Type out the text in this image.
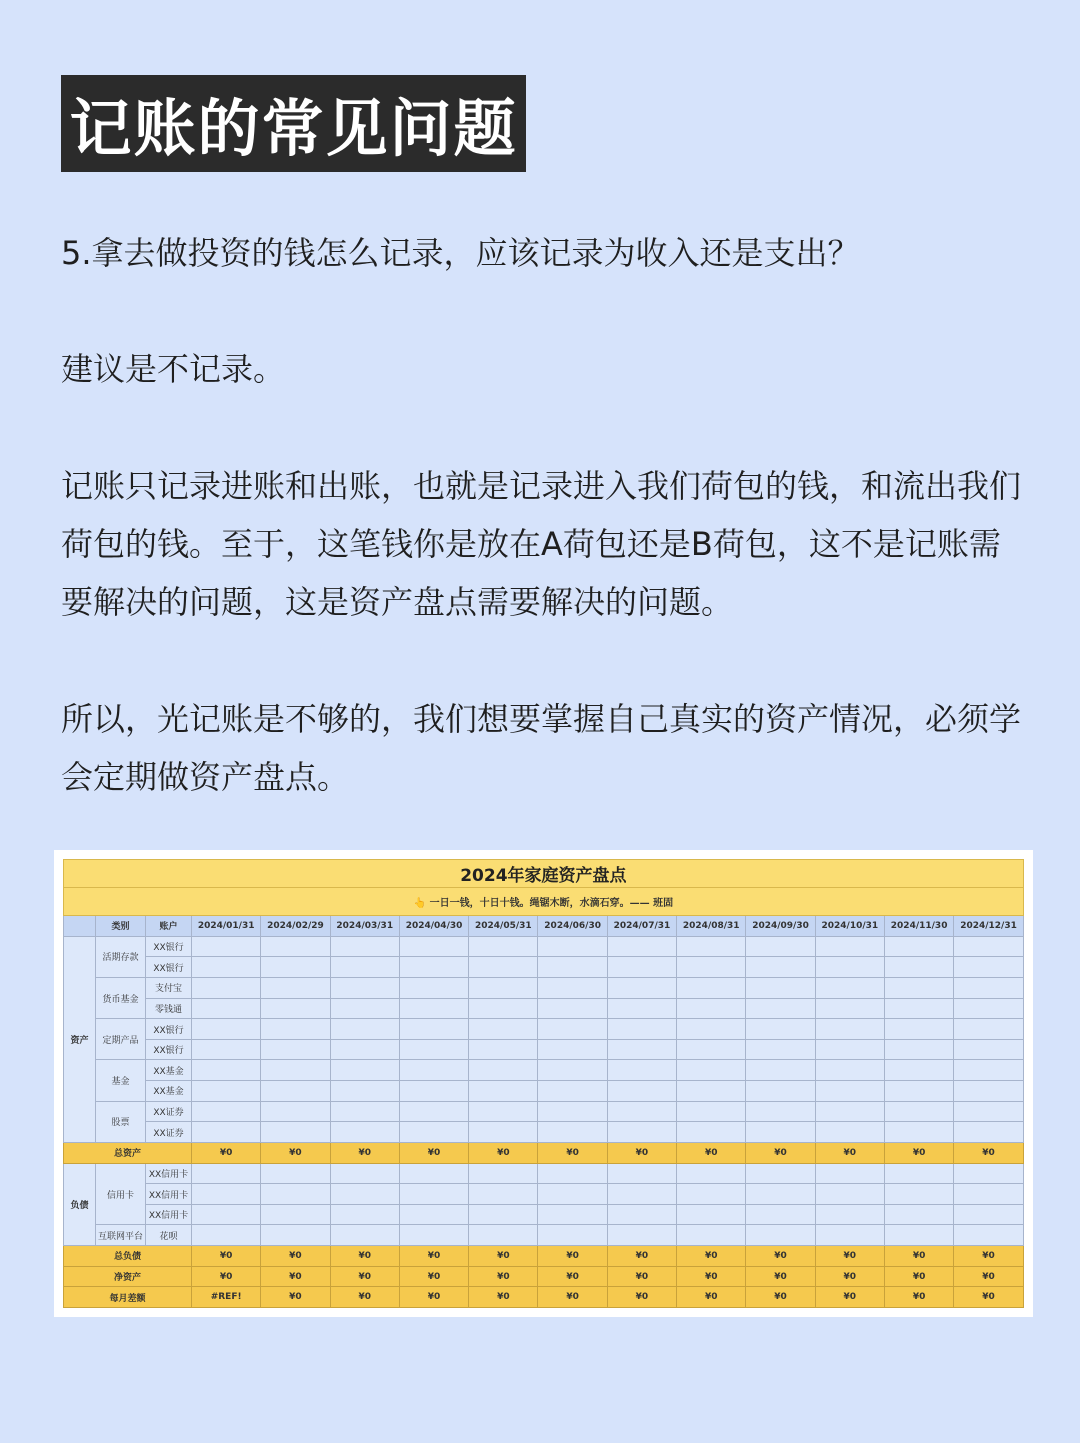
记账的常见问题

5.拿去做投资的钱怎么记录，应该记录为收入还是支出？

建议是不记录。

记账只记录进账和出账，也就是记录进入我们荷包的钱，和流出我们荷包的钱。至于，这笔钱你是放在A荷包还是B荷包，这不是记账需要解决的问题，这是资产盘点需要解决的问题。

所以，光记账是不够的，我们想要掌握自己真实的资产情况，必须学会定期做资产盘点。

2024年家庭资产盘点														
👆 一日一钱，十日十钱。绳锯木断，水滴石穿。—— 班固														
	类别	账户	2024/01/31	2024/02/29	2024/03/31	2024/04/30	2024/05/31	2024/06/30	2024/07/31	2024/08/31	2024/09/30	2024/10/31	2024/11/30	2024/12/31
资产	活期存款	XX银行												
		XX银行												
	货币基金	支付宝												
		零钱通												
	定期产品	XX银行												
		XX银行												
	基金	XX基金												
		XX基金												
	股票	XX证券												
		XX证券												
总资产			¥0	¥0	¥0	¥0	¥0	¥0	¥0	¥0	¥0	¥0	¥0	¥0
负债	信用卡	XX信用卡												
		XX信用卡												
		XX信用卡												
	互联网平台	花呗												
总负债			¥0	¥0	¥0	¥0	¥0	¥0	¥0	¥0	¥0	¥0	¥0	¥0
净资产			¥0	¥0	¥0	¥0	¥0	¥0	¥0	¥0	¥0	¥0	¥0	¥0
每月差额			#REF!	¥0	¥0	¥0	¥0	¥0	¥0	¥0	¥0	¥0	¥0	¥0
